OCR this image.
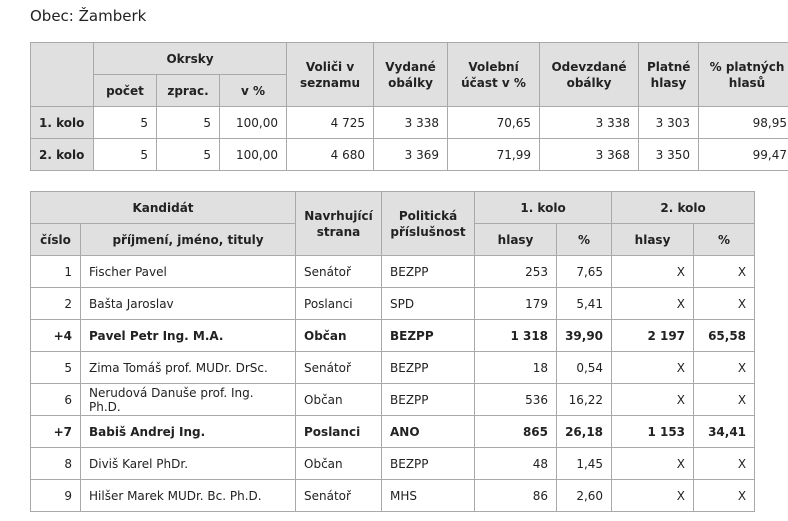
Obec: Žamberk
	Okrsky			Voliči v seznamu	Vydané obálky	Volební účast v %	Odevzdané obálky	Platné hlasy	% platných hlasů
	počet	zprac.	v %						
1. kolo	5	5	100,00	4 725	3 338	70,65	3 338	3 303	98,95
2. kolo	5	5	100,00	4 680	3 369	71,99	3 368	3 350	99,47
Kandidát		Navrhující strana	Politická příslušnost	1. kolo		2. kolo	
číslo	příjmení, jméno, tituly			hlasy	%	hlasy	%
1	Fischer Pavel	Senátoř	BEZPP	253	7,65	X	X
2	Bašta Jaroslav	Poslanci	SPD	179	5,41	X	X
+4	Pavel Petr Ing. M.A.	Občan	BEZPP	1 318	39,90	2 197	65,58
5	Zima Tomáš prof. MUDr. DrSc.	Senátoř	BEZPP	18	0,54	X	X
6	Nerudová Danuše prof. Ing. Ph.D.	Občan	BEZPP	536	16,22	X	X
+7	Babiš Andrej Ing.	Poslanci	ANO	865	26,18	1 153	34,41
8	Diviš Karel PhDr.	Občan	BEZPP	48	1,45	X	X
9	Hilšer Marek MUDr. Bc. Ph.D.	Senátoř	MHS	86	2,60	X	X
